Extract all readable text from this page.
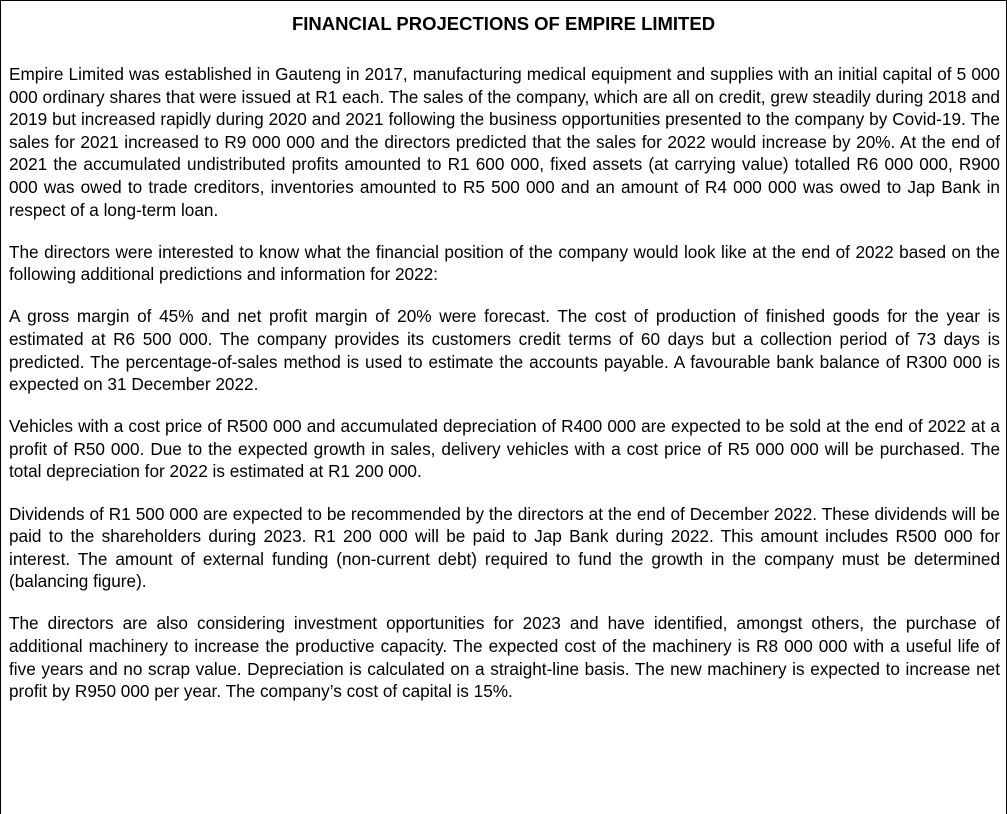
FINANCIAL PROJECTIONS OF EMPIRE LIMITED

Empire Limited was established in Gauteng in 2017, manufacturing medical equipment and supplies with an initial capital of 5 000 000 ordinary shares that were issued at R1 each. The sales of the company, which are all on credit, grew steadily during 2018 and 2019 but increased rapidly during 2020 and 2021 following the business opportunities presented to the company by Covid-19. The sales for 2021 increased to R9 000 000 and the directors predicted that the sales for 2022 would increase by 20%. At the end of 2021 the accumulated undistributed profits amounted to R1 600 000, fixed assets (at carrying value) totalled R6 000 000, R900 000 was owed to trade creditors, inventories amounted to R5 500 000 and an amount of R4 000 000 was owed to Jap Bank in respect of a long-term loan.

The directors were interested to know what the financial position of the company would look like at the end of 2022 based on the following additional predictions and information for 2022:

A gross margin of 45% and net profit margin of 20% were forecast. The cost of production of finished goods for the year is estimated at R6 500 000. The company provides its customers credit terms of 60 days but a collection period of 73 days is predicted. The percentage-of-sales method is used to estimate the accounts payable. A favourable bank balance of R300 000 is expected on 31 December 2022.

Vehicles with a cost price of R500 000 and accumulated depreciation of R400 000 are expected to be sold at the end of 2022 at a profit of R50 000. Due to the expected growth in sales, delivery vehicles with a cost price of R5 000 000 will be purchased. The total depreciation for 2022 is estimated at R1 200 000.

Dividends of R1 500 000 are expected to be recommended by the directors at the end of December 2022. These dividends will be paid to the shareholders during 2023. R1 200 000 will be paid to Jap Bank during 2022. This amount includes R500 000 for interest. The amount of external funding (non-current debt) required to fund the growth in the company must be determined (balancing figure).

The directors are also considering investment opportunities for 2023 and have identified, amongst others, the purchase of additional machinery to increase the productive capacity. The expected cost of the machinery is R8 000 000 with a useful life of five years and no scrap value. Depreciation is calculated on a straight-line basis. The new machinery is expected to increase net profit by R950 000 per year. The company’s cost of capital is 15%.
